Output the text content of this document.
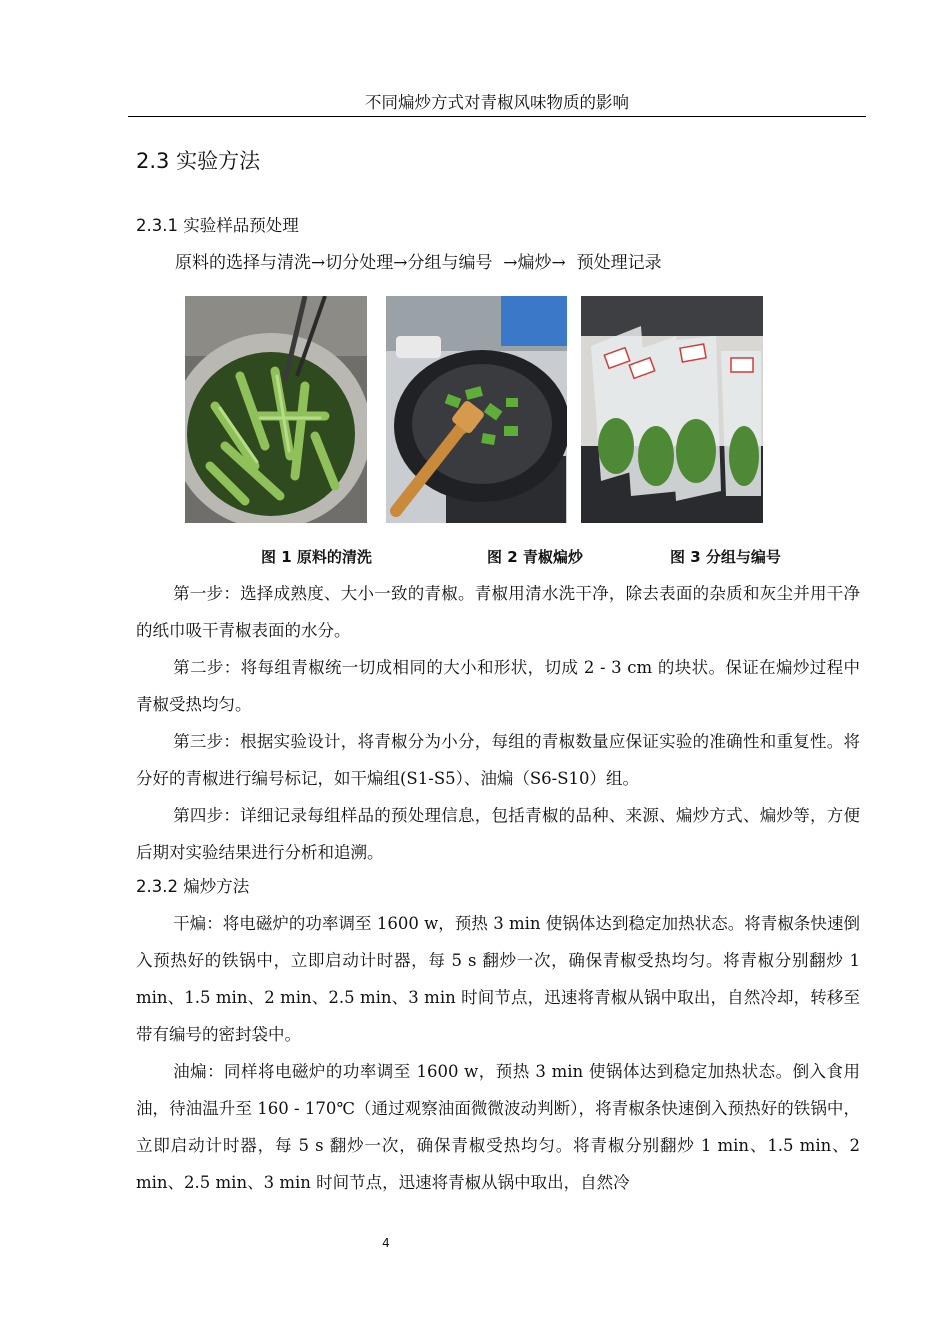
不同煸炒方式对青椒风味物质的影响
2.3 实验方法
2.3.1 实验样品预处理
原料的选择与清洗→切分处理→分组与编号  →煸炒→  预处理记录
图 1 原料的清洗	图 2 青椒煸炒	图 3 分组与编号

第一步：选择成熟度、大小一致的青椒。青椒用清水洗干净，除去表面的杂质和灰尘并用干净的纸巾吸干青椒表面的水分。

第二步：将每组青椒统一切成相同的大小和形状，切成 2 - 3 cm 的块状。保证在煸炒过程中青椒受热均匀。

第三步：根据实验设计，将青椒分为小分，每组的青椒数量应保证实验的准确性和重复性。将分好的青椒进行编号标记，如干煸组(S1-S5）、油煸（S6-S10）组。

第四步：详细记录每组样品的预处理信息，包括青椒的品种、来源、煸炒方式、煸炒等，方便后期对实验结果进行分析和追溯。

2.3.2 煸炒方法

干煸：将电磁炉的功率调至 1600 w，预热 3 min 使锅体达到稳定加热状态。将青椒条快速倒入预热好的铁锅中，立即启动计时器，每 5 s 翻炒一次，确保青椒受热均匀。将青椒分别翻炒 1 min、1.5 min、2 min、2.5 min、3 min 时间节点，迅速将青椒从锅中取出，自然冷却，转移至带有编号的密封袋中。

油煸：同样将电磁炉的功率调至 1600 w，预热 3 min 使锅体达到稳定加热状态。倒入食用油，待油温升至 160 - 170℃（通过观察油面微微波动判断），将青椒条快速倒入预热好的铁锅中，立即启动计时器，每 5 s 翻炒一次，确保青椒受热均匀。将青椒分别翻炒 1 min、1.5 min、2 min、2.5 min、3 min 时间节点，迅速将青椒从锅中取出，自然冷

4
